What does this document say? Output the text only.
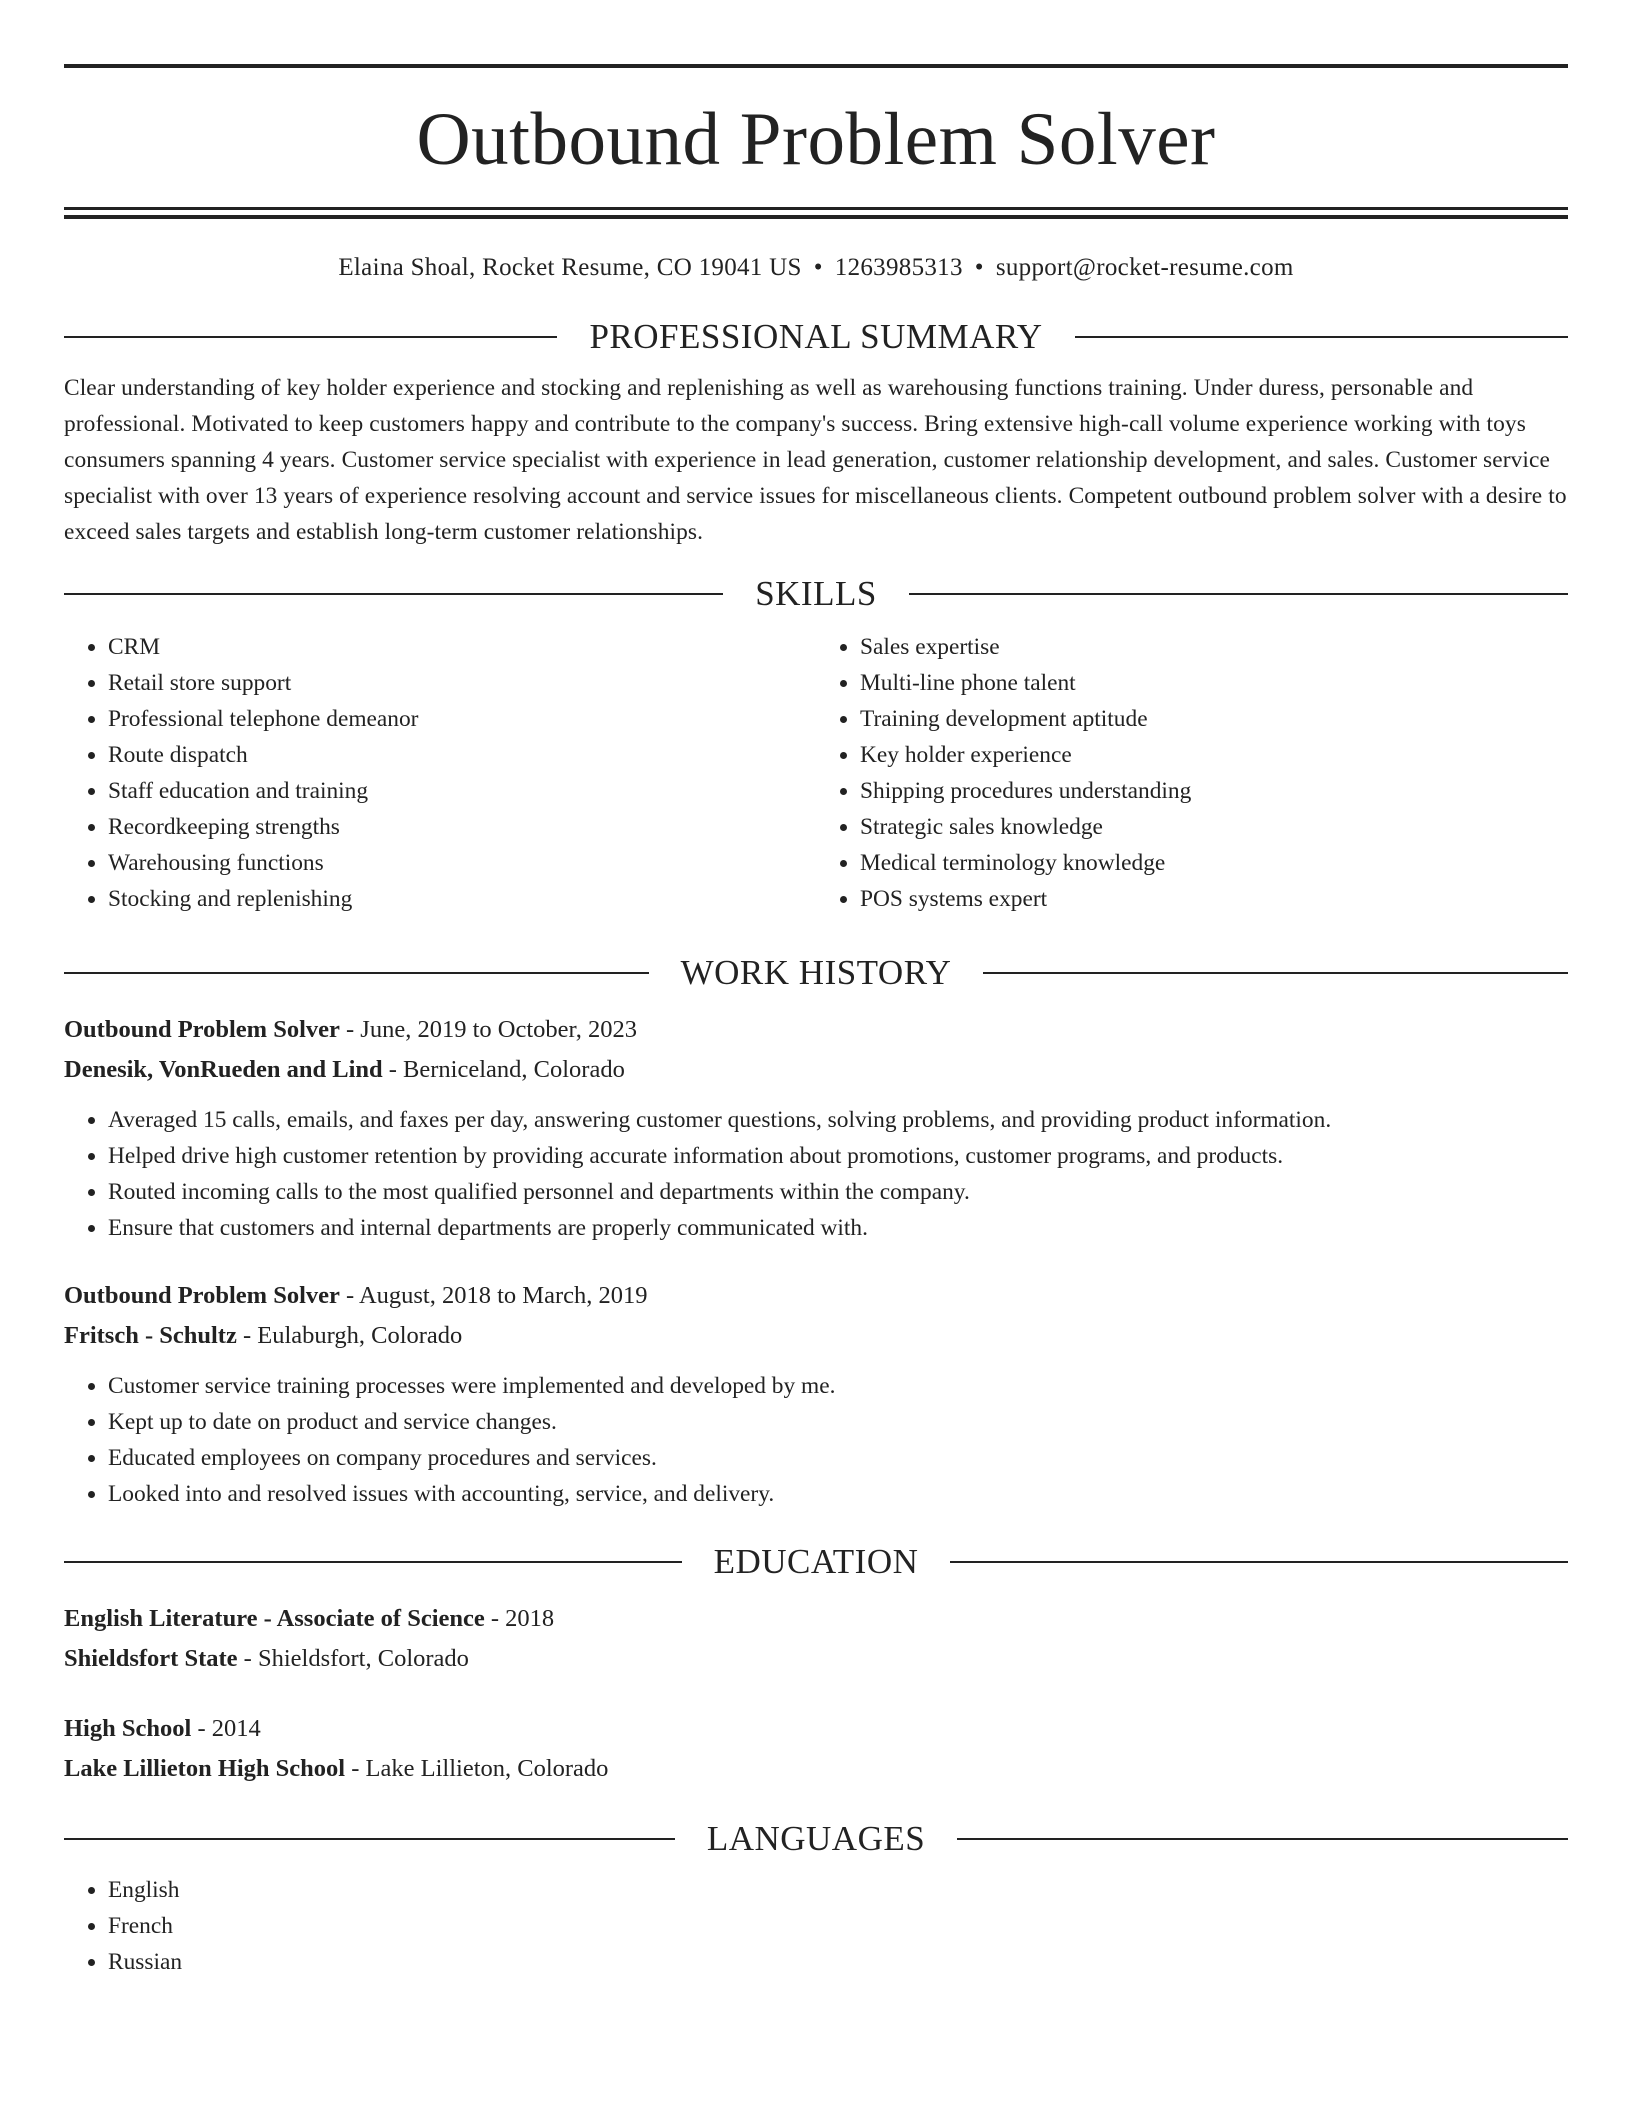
Outbound Problem Solver
Elaina Shoal, Rocket Resume, CO 19041 US • 1263985313 • support@rocket-resume.com
PROFESSIONAL SUMMARY
Clear understanding of key holder experience and stocking and replenishing as well as warehousing functions training. Under duress, personable and professional. Motivated to keep customers happy and contribute to the company's success. Bring extensive high-call volume experience working with toys consumers spanning 4 years. Customer service specialist with experience in lead generation, customer relationship development, and sales. Customer service specialist with over 13 years of experience resolving account and service issues for miscellaneous clients. Competent outbound problem solver with a desire to exceed sales targets and establish long-term customer relationships.
SKILLS
• CRM
• Retail store support
• Professional telephone demeanor
• Route dispatch
• Staff education and training
• Recordkeeping strengths
• Warehousing functions
• Stocking and replenishing
• Sales expertise
• Multi-line phone talent
• Training development aptitude
• Key holder experience
• Shipping procedures understanding
• Strategic sales knowledge
• Medical terminology knowledge
• POS systems expert
WORK HISTORY
Outbound Problem Solver - June, 2019 to October, 2023
Denesik, VonRueden and Lind - Berniceland, Colorado
• Averaged 15 calls, emails, and faxes per day, answering customer questions, solving problems, and providing product information.
• Helped drive high customer retention by providing accurate information about promotions, customer programs, and products.
• Routed incoming calls to the most qualified personnel and departments within the company.
• Ensure that customers and internal departments are properly communicated with.
Outbound Problem Solver - August, 2018 to March, 2019
Fritsch - Schultz - Eulaburgh, Colorado
• Customer service training processes were implemented and developed by me.
• Kept up to date on product and service changes.
• Educated employees on company procedures and services.
• Looked into and resolved issues with accounting, service, and delivery.
EDUCATION
English Literature - Associate of Science - 2018
Shieldsfort State - Shieldsfort, Colorado
High School - 2014
Lake Lillieton High School - Lake Lillieton, Colorado
LANGUAGES
• English
• French
• Russian
